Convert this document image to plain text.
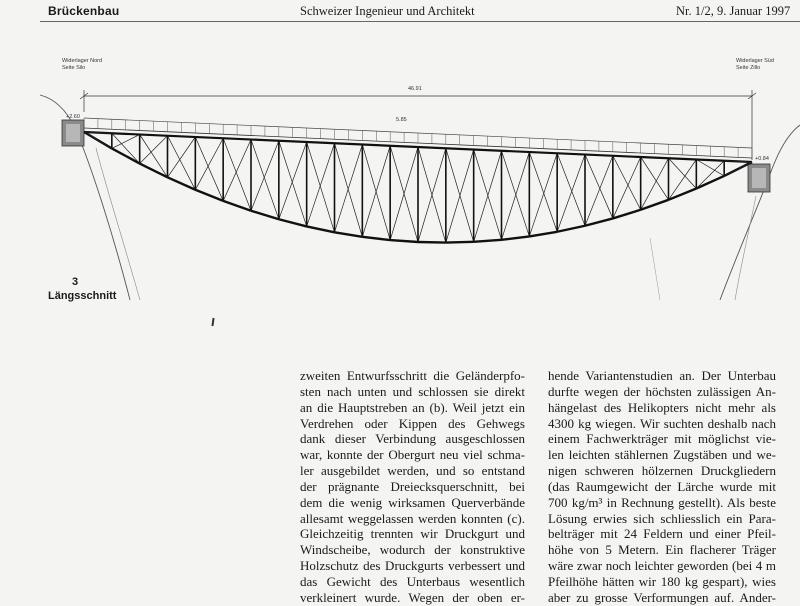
Brückenbau	Schweizer Ingenieur und Architekt	Nr. 1/2, 9. Januar 1997
46.91
5.85
+2.60
+0.84
Widerlager Nord
Seite Silo
Widerlager Süd
Seite Zillo
3
Längsschnitt
zweiten Entwurfsschritt die Geländerpfo-
sten nach unten und schlossen sie direkt
an die Hauptstreben an (b). Weil jetzt ein
Verdrehen oder Kippen des Gehwegs
dank dieser Verbindung ausgeschlossen
war, konnte der Obergurt neu viel schma-
ler ausgebildet werden, und so entstand
der prägnante Dreiecksquerschnitt, bei
dem die wenig wirksamen Querverbände
allesamt weggelassen werden konnten (c).
Gleichzeitig trennten wir Druckgurt und
Windscheibe, wodurch der konstruktive
Holzschutz des Druckgurts verbessert und
das Gewicht des Unterbaus wesentlich
verkleinert wurde. Wegen der oben er-
hende Variantenstudien an. Der Unterbau
durfte wegen der höchsten zulässigen An-
hängelast des Helikopters nicht mehr als
4300 kg wiegen. Wir suchten deshalb nach
einem Fachwerkträger mit möglichst vie-
len leichten stählernen Zugstäben und we-
nigen schweren hölzernen Druckgliedern
(das Raumgewicht der Lärche wurde mit
700 kg/m³ in Rechnung gestellt). Als beste
Lösung erwies sich schliesslich ein Para-
belträger mit 24 Feldern und einer Pfeil-
höhe von 5 Metern. Ein flacherer Träger
wäre zwar noch leichter geworden (bei 4 m
Pfeilhöhe hätten wir 180 kg gespart), wies
aber zu grosse Verformungen auf. Ander-
